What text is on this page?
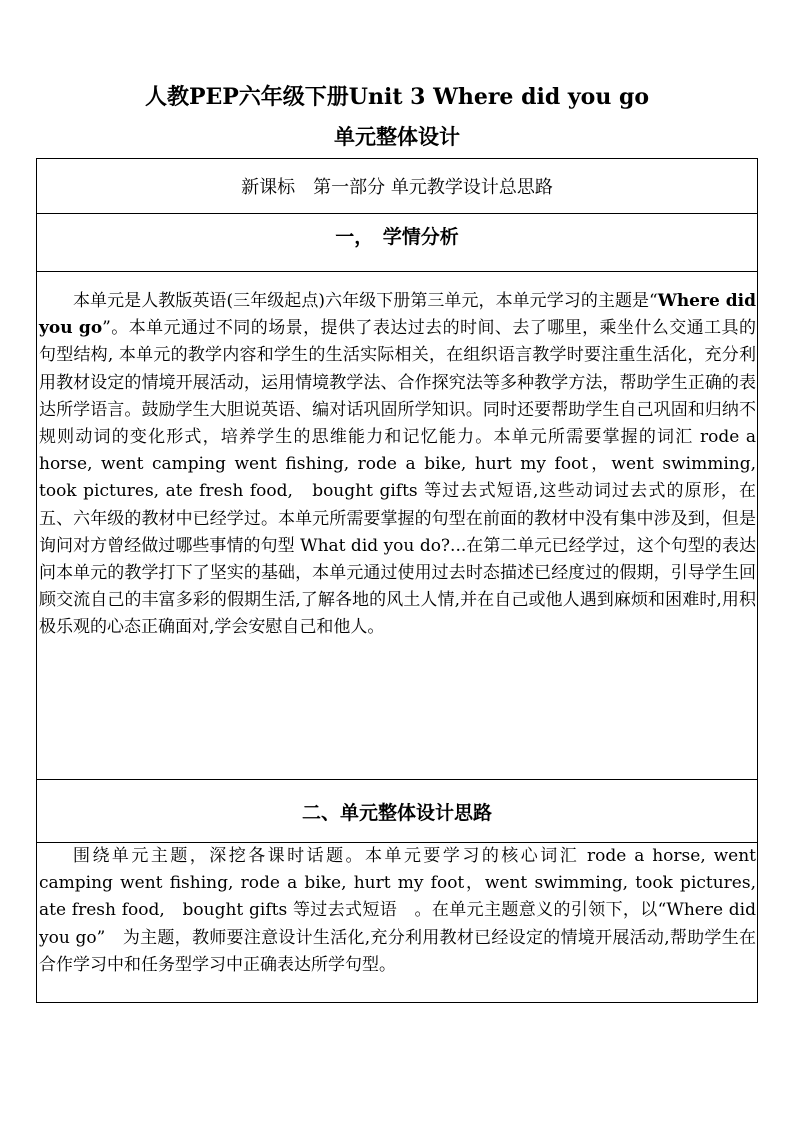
人教PEP六年级下册Unit 3 Where did you go
单元整体设计
新课标　第一部分 单元教学设计总思路
一，　学情分析
本单元是人教版英语(三年级起点)六年级下册第三单元，本单元学习的主题是“Where did you go”。本单元通过不同的场景，提供了表达过去的时间、去了哪里，乘坐什么交通工具的句型结构, 本单元的教学内容和学生的生活实际相关，在组织语言教学时要注重生活化，充分利用教材设定的情境开展活动，运用情境教学法、合作探究法等多种教学方法，帮助学生正确的表达所学语言。鼓励学生大胆说英语、编对话巩固所学知识。同时还要帮助学生自己巩固和归纳不规则动词的变化形式，培养学生的思维能力和记忆能力。本单元所需要掌握的词汇 rode a horse, went camping went fishing, rode a bike, hurt my foot，went swimming, took pictures, ate fresh food,　bought gifts 等过去式短语,这些动词过去式的原形，在五、六年级的教材中已经学过。本单元所需要掌握的句型在前面的教材中没有集中涉及到，但是询问对方曾经做过哪些事情的句型 What did you do?...在第二单元已经学过，这个句型的表达问本单元的教学打下了坚实的基础，本单元通过使用过去时态描述已经度过的假期，引导学生回顾交流自己的丰富多彩的假期生活,了解各地的风土人情,并在自己或他人遇到麻烦和困难时,用积极乐观的心态正确面对,学会安慰自己和他人。
二、单元整体设计思路
围绕单元主题，深挖各课时话题。本单元要学习的核心词汇 rode a horse, went camping went fishing, rode a bike, hurt my foot，went swimming, took pictures, ate fresh food,　bought gifts 等过去式短语　。在单元主题意义的引领下，以“Where did you go”　为主题，教师要注意设计生活化,充分利用教材已经设定的情境开展活动,帮助学生在合作学习中和任务型学习中正确表达所学句型。
